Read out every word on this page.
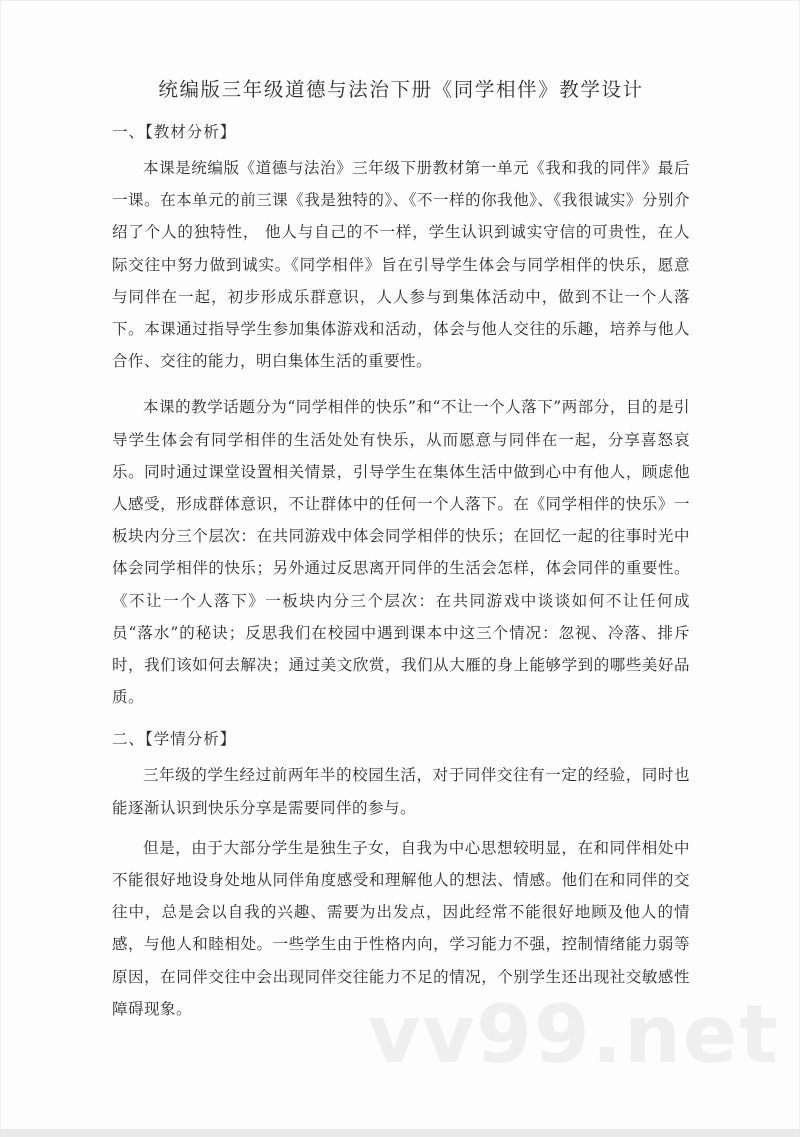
统编版三年级道德与法治下册《同学相伴》教学设计
一、【教材分析】

本课是统编版《道德与法治》三年级下册教材第一单元《我和我的同伴》最后一课。在本单元的前三课《我是独特的》、《不一样的你我他》、《我很诚实》分别介绍了个人的独特性， 他人与自己的不一样，学生认识到诚实守信的可贵性，在人际交往中努力做到诚实。《同学相伴》旨在引导学生体会与同学相伴的快乐，愿意与同伴在一起，初步形成乐群意识，人人参与到集体活动中，做到不让一个人落下。本课通过指导学生参加集体游戏和活动，体会与他人交往的乐趣，培养与他人合作、交往的能力，明白集体生活的重要性。

本课的教学话题分为“同学相伴的快乐”和“不让一个人落下”两部分，目的是引导学生体会有同学相伴的生活处处有快乐，从而愿意与同伴在一起，分享喜怒哀乐。同时通过课堂设置相关情景，引导学生在集体生活中做到心中有他人，顾虑他人感受，形成群体意识，不让群体中的任何一个人落下。在《同学相伴的快乐》一板块内分三个层次：在共同游戏中体会同学相伴的快乐；在回忆一起的往事时光中体会同学相伴的快乐；另外通过反思离开同伴的生活会怎样，体会同伴的重要性。《不让一个人落下》一板块内分三个层次：在共同游戏中谈谈如何不让任何成员“落水”的秘诀；反思我们在校园中遇到课本中这三个情况：忽视、冷落、排斥时，我们该如何去解决；通过美文欣赏，我们从大雁的身上能够学到的哪些美好品质。

二、【学情分析】

三年级的学生经过前两年半的校园生活，对于同伴交往有一定的经验，同时也能逐渐认识到快乐分享是需要同伴的参与。

但是，由于大部分学生是独生子女，自我为中心思想较明显，在和同伴相处中不能很好地设身处地从同伴角度感受和理解他人的想法、情感。他们在和同伴的交往中，总是会以自我的兴趣、需要为出发点，因此经常不能很好地顾及他人的情感，与他人和睦相处。一些学生由于性格内向，学习能力不强，控制情绪能力弱等原因，在同伴交往中会出现同伴交往能力不足的情况，个别学生还出现社交敏感性障碍现象。	vv99.net
